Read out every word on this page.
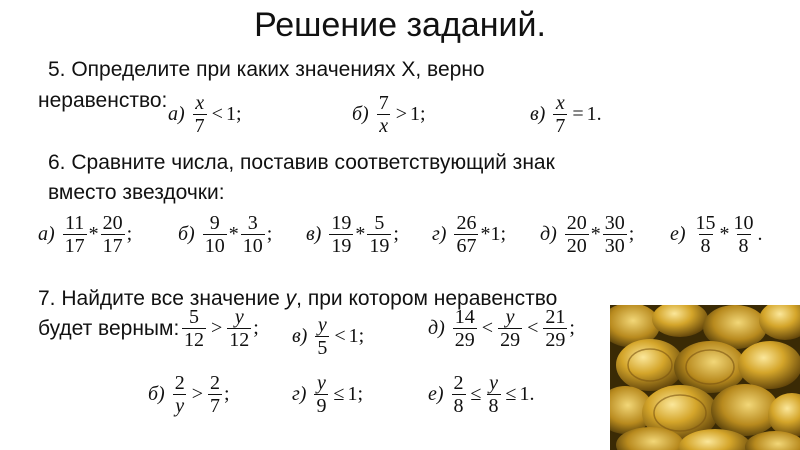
Решение заданий.
5. Определите при каких значениях Х, верно
неравенство:
$а) \frac{x}{7} < 1$;	$б) \frac{7}{x} > 1$;	$в) \frac{x}{7} = 1$.
6. Сравните числа, поставив соответствующий знак
вместо звездочки:
$а) \frac{11}{17} * \frac{20}{17}$ ; $б) \frac{9}{10} * \frac{3}{10}$ ; $в) \frac{19}{19} * \frac{5}{19}$ ; $г) \frac{26}{67} *1$; $д) \frac{20}{20} * \frac{30}{30}$ ; $е) \frac{15}{8} * \frac{10}{8}$ .
7. Найдите все значение у, при котором неравенство
будет верным: $\frac{5}{12} > \frac{y}{12}$ ; $в) \frac{y}{5} < 1$;	$д) \frac{14}{29} < \frac{y}{29} < \frac{21}{29}$ ;
$б) \frac{2}{y} > \frac{2}{7}$ ;	$г) \frac{y}{9} \le 1$;	$е) \frac{2}{8} \le \frac{y}{8} \le 1$.
